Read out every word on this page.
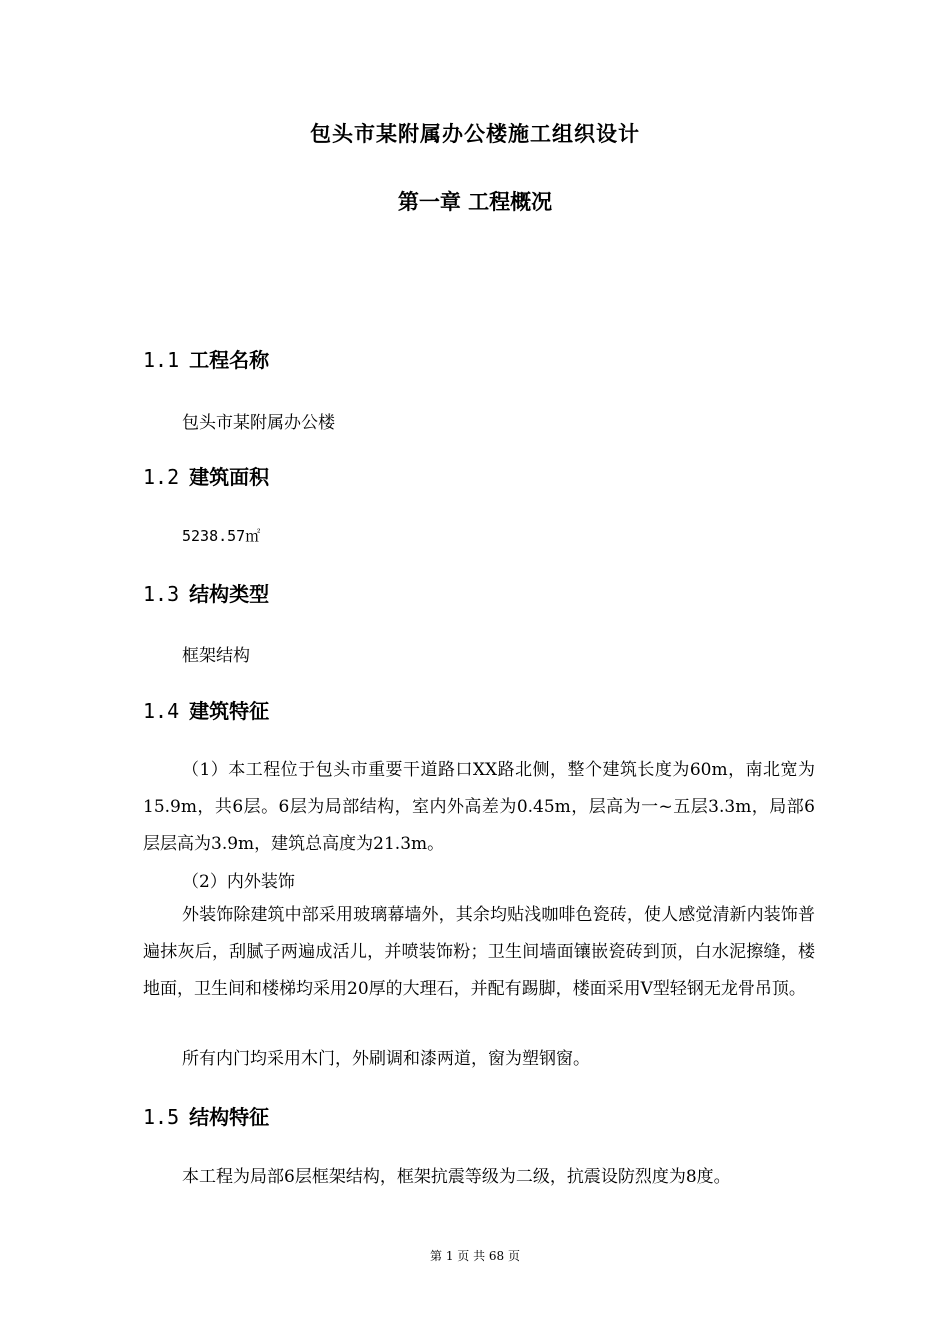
包头市某附属办公楼施工组织设计
第一章 工程概况
1.1 工程名称
包头市某附属办公楼
1.2 建筑面积
5238.57㎡
1.3 结构类型
框架结构
1.4 建筑特征
（1）本工程位于包头市重要干道路口XX路北侧，整个建筑长度为60m，南北宽为15.9m，共6层。6层为局部结构，室内外高差为0.45m，层高为一~五层3.3m，局部6层层高为3.9m，建筑总高度为21.3m。
（2）内外装饰
外装饰除建筑中部采用玻璃幕墙外，其余均贴浅咖啡色瓷砖，使人感觉清新内装饰普遍抹灰后，刮腻子两遍成活儿，并喷装饰粉；卫生间墙面镶嵌瓷砖到顶，白水泥擦缝，楼地面，卫生间和楼梯均采用20厚的大理石，并配有踢脚，楼面采用V型轻钢无龙骨吊顶。
所有内门均采用木门，外刷调和漆两道，窗为塑钢窗。
1.5 结构特征
本工程为局部6层框架结构，框架抗震等级为二级，抗震设防烈度为8度。
第 1 页 共 68 页
